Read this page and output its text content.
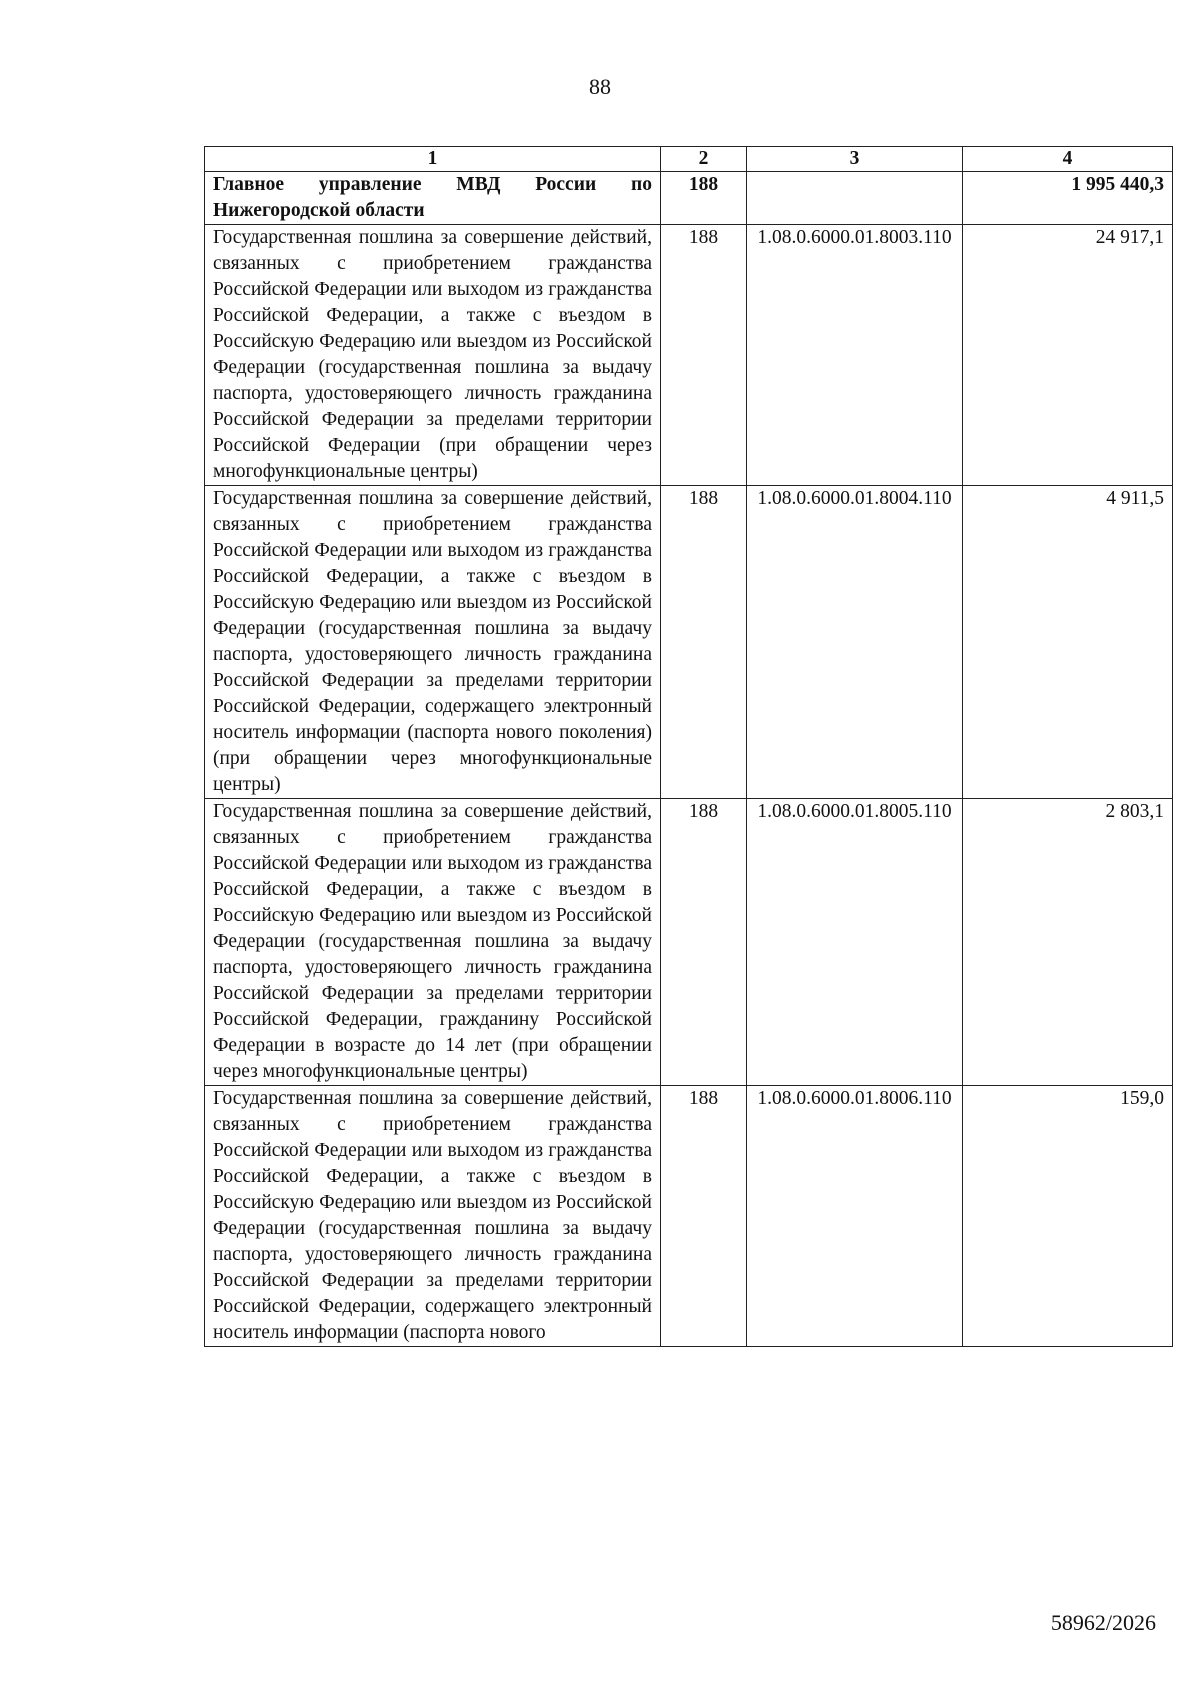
88
1	2	3	4
Главное управление МВД России по Нижегородской области	188		1 995 440,3
Государственная пошлина за совершение действий, связанных с приобретением гражданства Российской Федерации или выходом из гражданства Российской Федерации, а также с въездом в Российскую Федерацию или выездом из Российской Федерации (государственная пошлина за выдачу паспорта, удостоверяющего личность гражданина Российской Федерации за пределами территории Российской Федерации (при обращении через многофункциональные центры)	188	1.08.0.6000.01.8003.110	24 917,1
Государственная пошлина за совершение действий, связанных с приобретением гражданства Российской Федерации или выходом из гражданства Российской Федерации, а также с въездом в Российскую Федерацию или выездом из Российской Федерации (государственная пошлина за выдачу паспорта, удостоверяющего личность гражданина Российской Федерации за пределами территории Российской Федерации, содержащего электронный носитель информации (паспорта нового поколения) (при обращении через многофункциональные центры)	188	1.08.0.6000.01.8004.110	4 911,5
Государственная пошлина за совершение действий, связанных с приобретением гражданства Российской Федерации или выходом из гражданства Российской Федерации, а также с въездом в Российскую Федерацию или выездом из Российской Федерации (государственная пошлина за выдачу паспорта, удостоверяющего личность гражданина Российской Федерации за пределами территории Российской Федерации, гражданину Российской Федерации в возрасте до 14 лет (при обращении через многофункциональные центры)	188	1.08.0.6000.01.8005.110	2 803,1
Государственная пошлина за совершение действий, связанных с приобретением гражданства Российской Федерации или выходом из гражданства Российской Федерации, а также с въездом в Российскую Федерацию или выездом из Российской Федерации (государственная пошлина за выдачу паспорта, удостоверяющего личность гражданина Российской Федерации за пределами территории Российской Федерации, содержащего электронный носитель информации (паспорта нового	188	1.08.0.6000.01.8006.110	159,0
58962/2026
